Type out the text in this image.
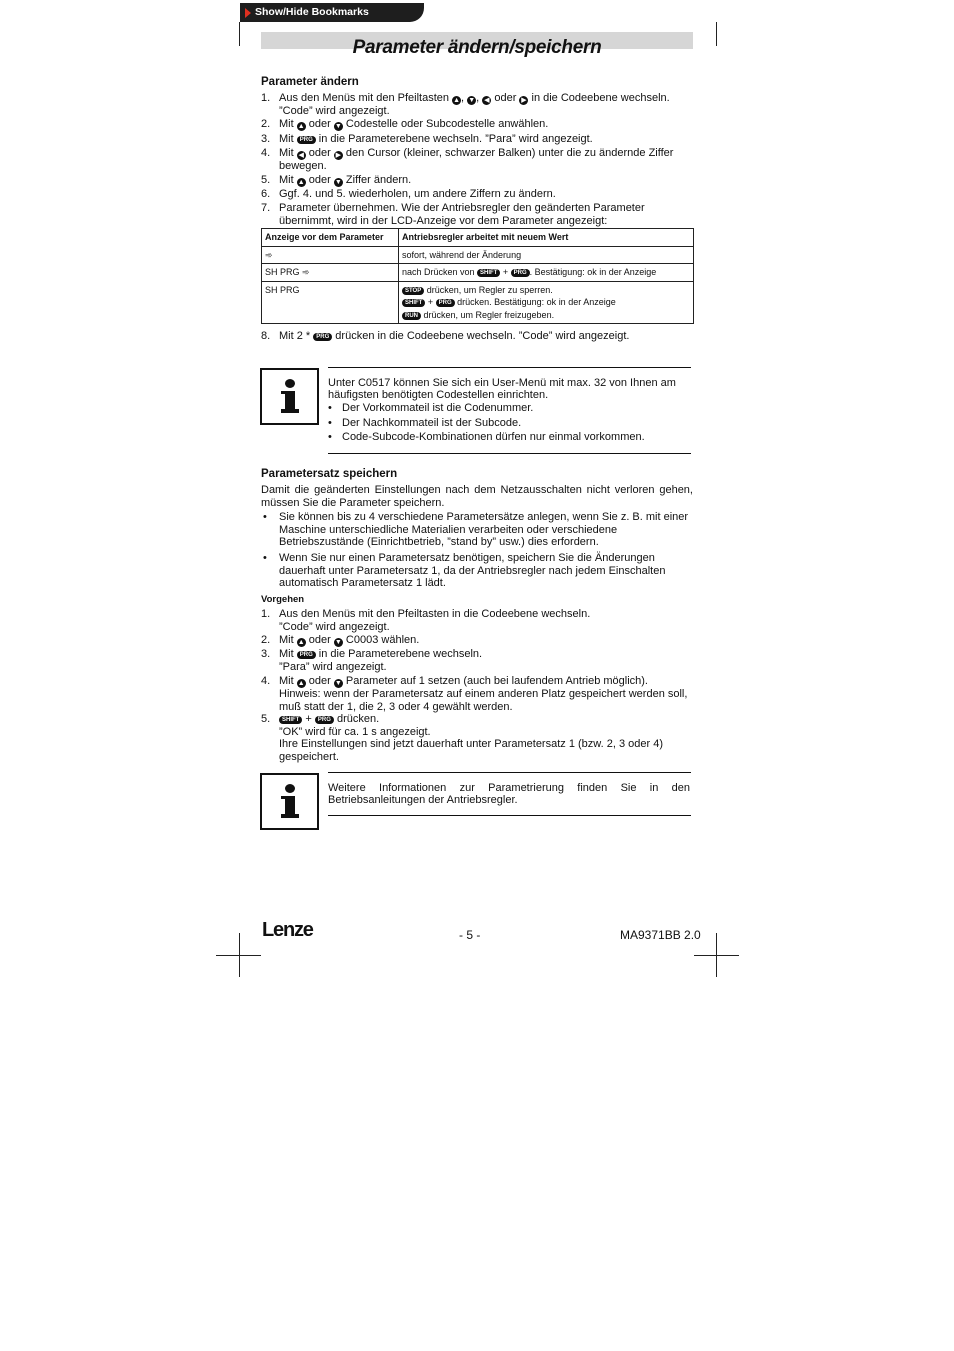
Show/Hide Bookmarks
Parameter ändern/speichern
Parameter ändern
1. Aus den Menüs mit den Pfeiltasten ▲, ▼, ◀ oder ▶ in die Codeebene wechseln.
”Code” wird angezeigt.
2. Mit ▲ oder ▼ Codestelle oder Subcodestelle anwählen.
3. Mit PRG in die Parameterebene wechseln. ”Para” wird angezeigt.
4. Mit ◀ oder ▶ den Cursor (kleiner, schwarzer Balken) unter die zu ändernde Ziffer bewegen.
5. Mit ▲ oder ▼ Ziffer ändern.
6. Ggf. 4. und 5. wiederholen, um andere Ziffern zu ändern.
7. Parameter übernehmen. Wie der Antriebsregler den geänderten Parameter übernimmt, wird in der LCD-Anzeige vor dem Parameter angezeigt:
Anzeige vor dem Parameter	Antriebsregler arbeitet mit neuem Wert
➾	sofort, während der Änderung
SH PRG ➾	nach Drücken von SHIFT + PRG . Bestätigung: ok in der Anzeige
SH PRG	STOP drücken, um Regler zu sperren.
SHIFT + PRG drücken. Bestätigung: ok in der Anzeige
RUN drücken, um Regler freizugeben.
8. Mit 2 * PRG drücken in die Codeebene wechseln. ”Code” wird angezeigt.
Unter C0517 können Sie sich ein User-Menü mit max. 32 von Ihnen am häufigsten benötigten Codestellen einrichten.
• Der Vorkommateil ist die Codenummer.
• Der Nachkommateil ist der Subcode.
• Code-Subcode-Kombinationen dürfen nur einmal vorkommen.
Parametersatz speichern
Damit die geänderten Einstellungen nach dem Netzausschalten nicht verloren gehen, müssen Sie die Parameter speichern.
• Sie können bis zu 4 verschiedene Parametersätze anlegen, wenn Sie z. B. mit einer Maschine unterschiedliche Materialien verarbeiten oder verschiedene Betriebszustände (Einrichtbetrieb, ”stand by” usw.) dies erfordern.
• Wenn Sie nur einen Parametersatz benötigen, speichern Sie die Änderungen dauerhaft unter Parametersatz 1, da der Antriebsregler nach jedem Einschalten automatisch Parametersatz 1 lädt.
Vorgehen
1. Aus den Menüs mit den Pfeiltasten in die Codeebene wechseln.
”Code” wird angezeigt.
2. Mit ▲ oder ▼ C0003 wählen.
3. Mit PRG in die Parameterebene wechseln.
”Para” wird angezeigt.
4. Mit ▲ oder ▼ Parameter auf 1 setzen (auch bei laufendem Antrieb möglich).
Hinweis: wenn der Parametersatz auf einem anderen Platz gespeichert werden soll, muß statt der 1, die 2, 3 oder 4 gewählt werden.
5.	SHIFT + PRG drücken.
”OK” wird für ca. 1 s angezeigt.
Ihre Einstellungen sind jetzt dauerhaft unter Parametersatz 1 (bzw. 2, 3 oder 4) gespeichert.
Weitere Informationen zur Parametrierung finden Sie in den Betriebsanleitungen der Antriebsregler.
Lenze	- 5 -	MA9371BB 2.0
